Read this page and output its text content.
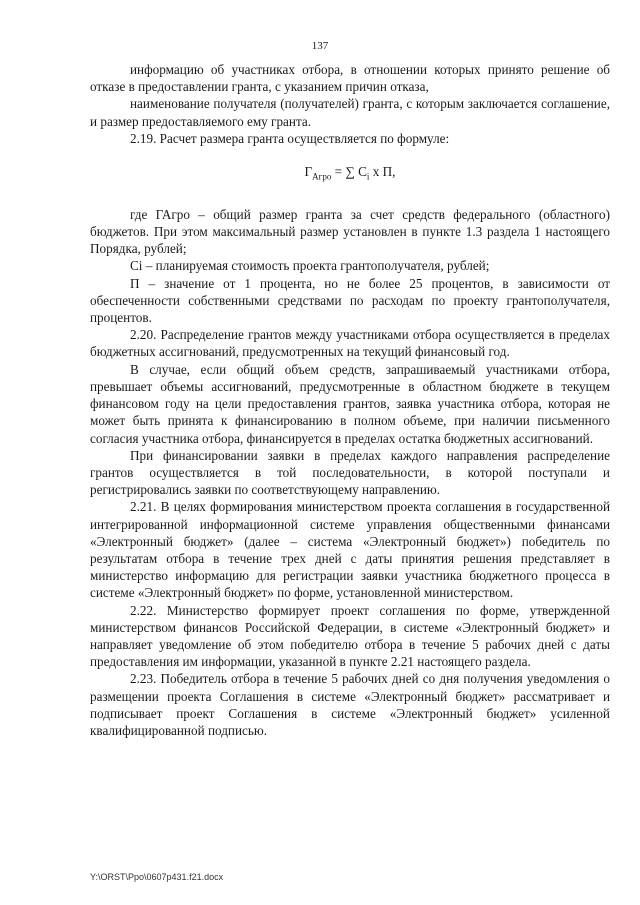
137

информацию об участниках отбора, в отношении которых принято решение об отказе в предоставлении гранта, с указанием причин отказа,

наименование получателя (получателей) гранта, с которым заключается соглашение, и размер предоставляемого ему гранта.

2.19. Расчет размера гранта осуществляется по формуле:

$Г_{Агро}$ = ∑ $C_i$ х П,

где ГАгро – общий размер гранта за счет средств федерального (областного) бюджетов. При этом максимальный размер установлен в пункте 1.3 раздела 1 настоящего Порядка, рублей;

Ci – планируемая стоимость проекта грантополучателя, рублей;

П – значение от 1 процента, но не более 25 процентов, в зависимости от обеспеченности собственными средствами по расходам по проекту грантополучателя, процентов.

2.20. Распределение грантов между участниками отбора осуществляется в пределах бюджетных ассигнований, предусмотренных на текущий финансовый год.

В случае, если общий объем средств, запрашиваемый участниками отбора, превышает объемы ассигнований, предусмотренные в областном бюджете в текущем финансовом году на цели предоставления грантов, заявка участника отбора, которая не может быть принята к финансированию в полном объеме, при наличии письменного согласия участника отбора, финансируется в пределах остатка бюджетных ассигнований.

При финансировании заявки в пределах каждого направления распределение грантов осуществляется в той последовательности, в которой поступали и регистрировались заявки по соответствующему направлению.

2.21. В целях формирования министерством проекта соглашения в государственной интегрированной информационной системе управления общественными финансами «Электронный бюджет» (далее – система «Электронный бюджет») победитель по результатам отбора в течение трех дней с даты принятия решения представляет в министерство информацию для регистрации заявки участника бюджетного процесса в системе «Электронный бюджет» по форме, установленной министерством.

2.22. Министерство формирует проект соглашения по форме, утвержденной министерством финансов Российской Федерации, в системе «Электронный бюджет» и направляет уведомление об этом победителю отбора в течение 5 рабочих дней с даты предоставления им информации, указанной в пункте 2.21 настоящего раздела.

2.23. Победитель отбора в течение 5 рабочих дней со дня получения уведомления о размещении проекта Соглашения в системе «Электронный бюджет» рассматривает и подписывает проект Соглашения в системе «Электронный бюджет» усиленной квалифицированной подписью.

Y:\ORST\Ppo\0607p431.f21.docx
